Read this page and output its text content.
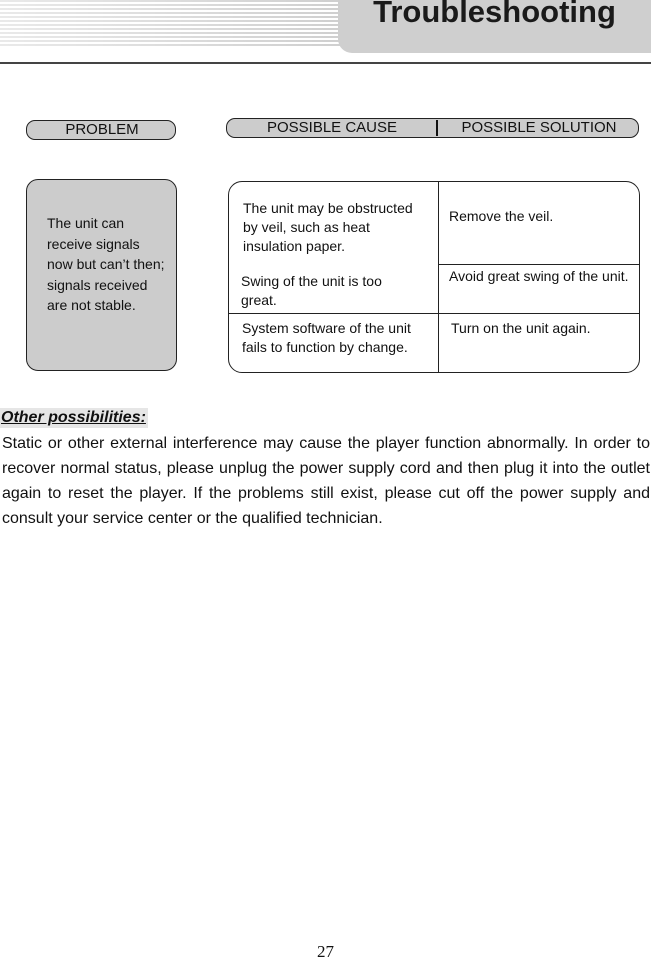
Troubleshooting
PROBLEM	POSSIBLE CAUSE	POSSIBLE SOLUTION
The unit can receive signals now but can’t then; signals received are not stable.
The unit may be obstructed by veil, such as heat insulation paper.
Remove the veil.
Swing of the unit is too great.
Avoid great swing of the unit.
System software of the unit fails to function by change.
Turn on the unit again.
Other possibilities:
Static or other external interference may cause the player function abnormally. In order to recover normal status, please unplug the power supply cord and then plug it into the outlet again to reset the player. If the problems still exist, please cut off the power supply and consult your service center or the qualified technician.
27
